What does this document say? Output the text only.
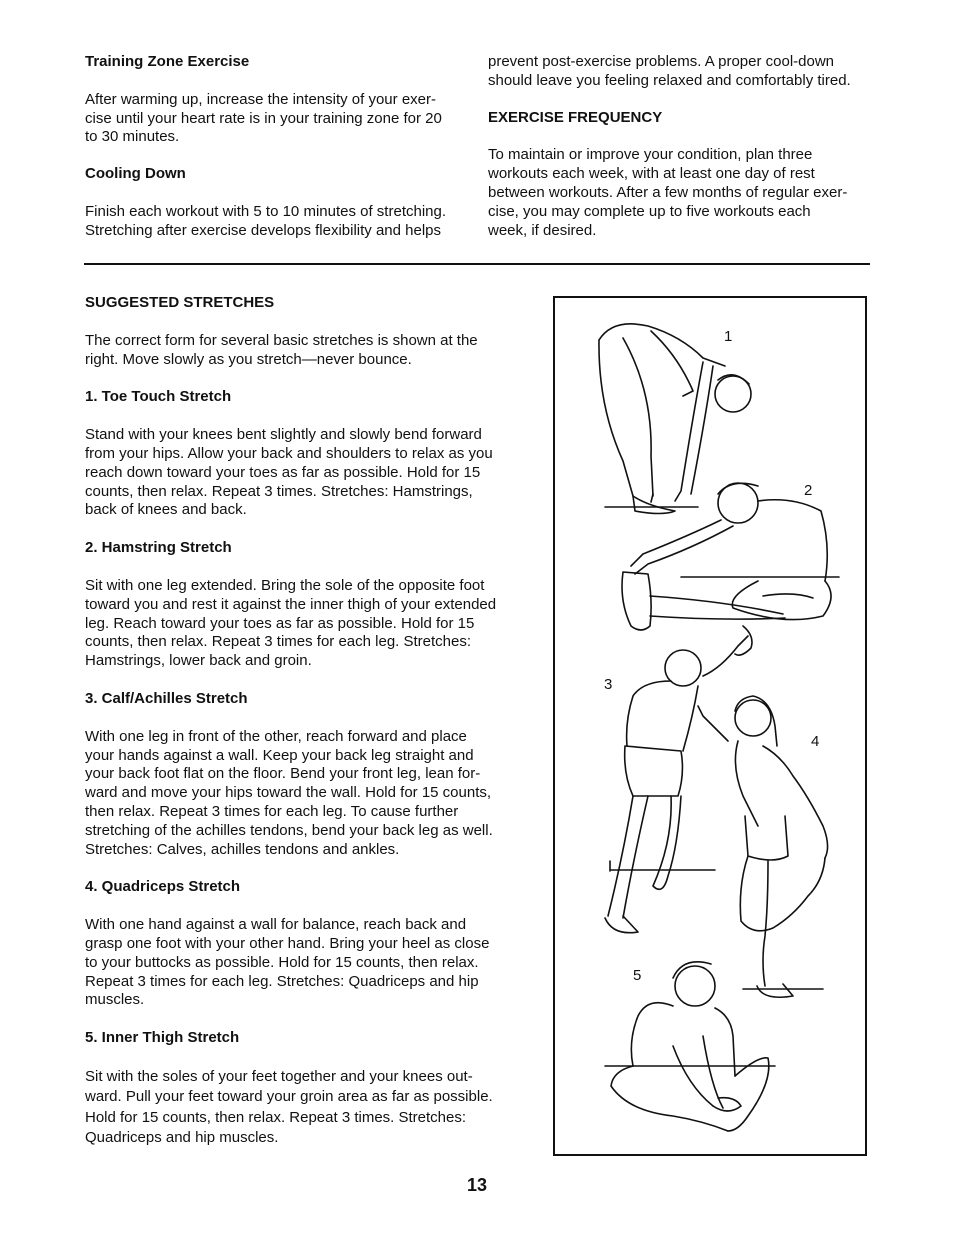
Training Zone Exercise

After warming up, increase the intensity of your exer-
cise until your heart rate is in your training zone for 20
to 30 minutes.

Cooling Down

Finish each workout with 5 to 10 minutes of stretching.
Stretching after exercise develops flexibility and helps

prevent post-exercise problems. A proper cool-down
should leave you feeling relaxed and comfortably tired.

EXERCISE FREQUENCY

To maintain or improve your condition, plan three
workouts each week, with at least one day of rest
between workouts. After a few months of regular exer-
cise, you may complete up to five workouts each
week, if desired.

SUGGESTED STRETCHES

The correct form for several basic stretches is shown at the
right. Move slowly as you stretch—never bounce.

1. Toe Touch Stretch

Stand with your knees bent slightly and slowly bend forward
from your hips. Allow your back and shoulders to relax as you
reach down toward your toes as far as possible. Hold for 15
counts, then relax. Repeat 3 times. Stretches: Hamstrings,
back of knees and back.

2. Hamstring Stretch

Sit with one leg extended. Bring the sole of the opposite foot
toward you and rest it against the inner thigh of your extended
leg. Reach toward your toes as far as possible. Hold for 15
counts, then relax. Repeat 3 times for each leg. Stretches:
Hamstrings, lower back and groin.

3. Calf/Achilles Stretch

With one leg in front of the other, reach forward and place
your hands against a wall. Keep your back leg straight and
your back foot flat on the floor. Bend your front leg, lean for-
ward and move your hips toward the wall. Hold for 15 counts,
then relax. Repeat 3 times for each leg. To cause further
stretching of the achilles tendons, bend your back leg as well.
Stretches: Calves, achilles tendons and ankles.

4. Quadriceps Stretch

With one hand against a wall for balance, reach back and
grasp one foot with your other hand. Bring your heel as close
to your buttocks as possible. Hold for 15 counts, then relax.
Repeat 3 times for each leg. Stretches: Quadriceps and hip
muscles.

5. Inner Thigh Stretch

Sit with the soles of your feet together and your knees out-
ward. Pull your feet toward your groin area as far as possible.
Hold for 15 counts, then relax. Repeat 3 times. Stretches:
Quadriceps and hip muscles.

1
2
3
4
5
13
